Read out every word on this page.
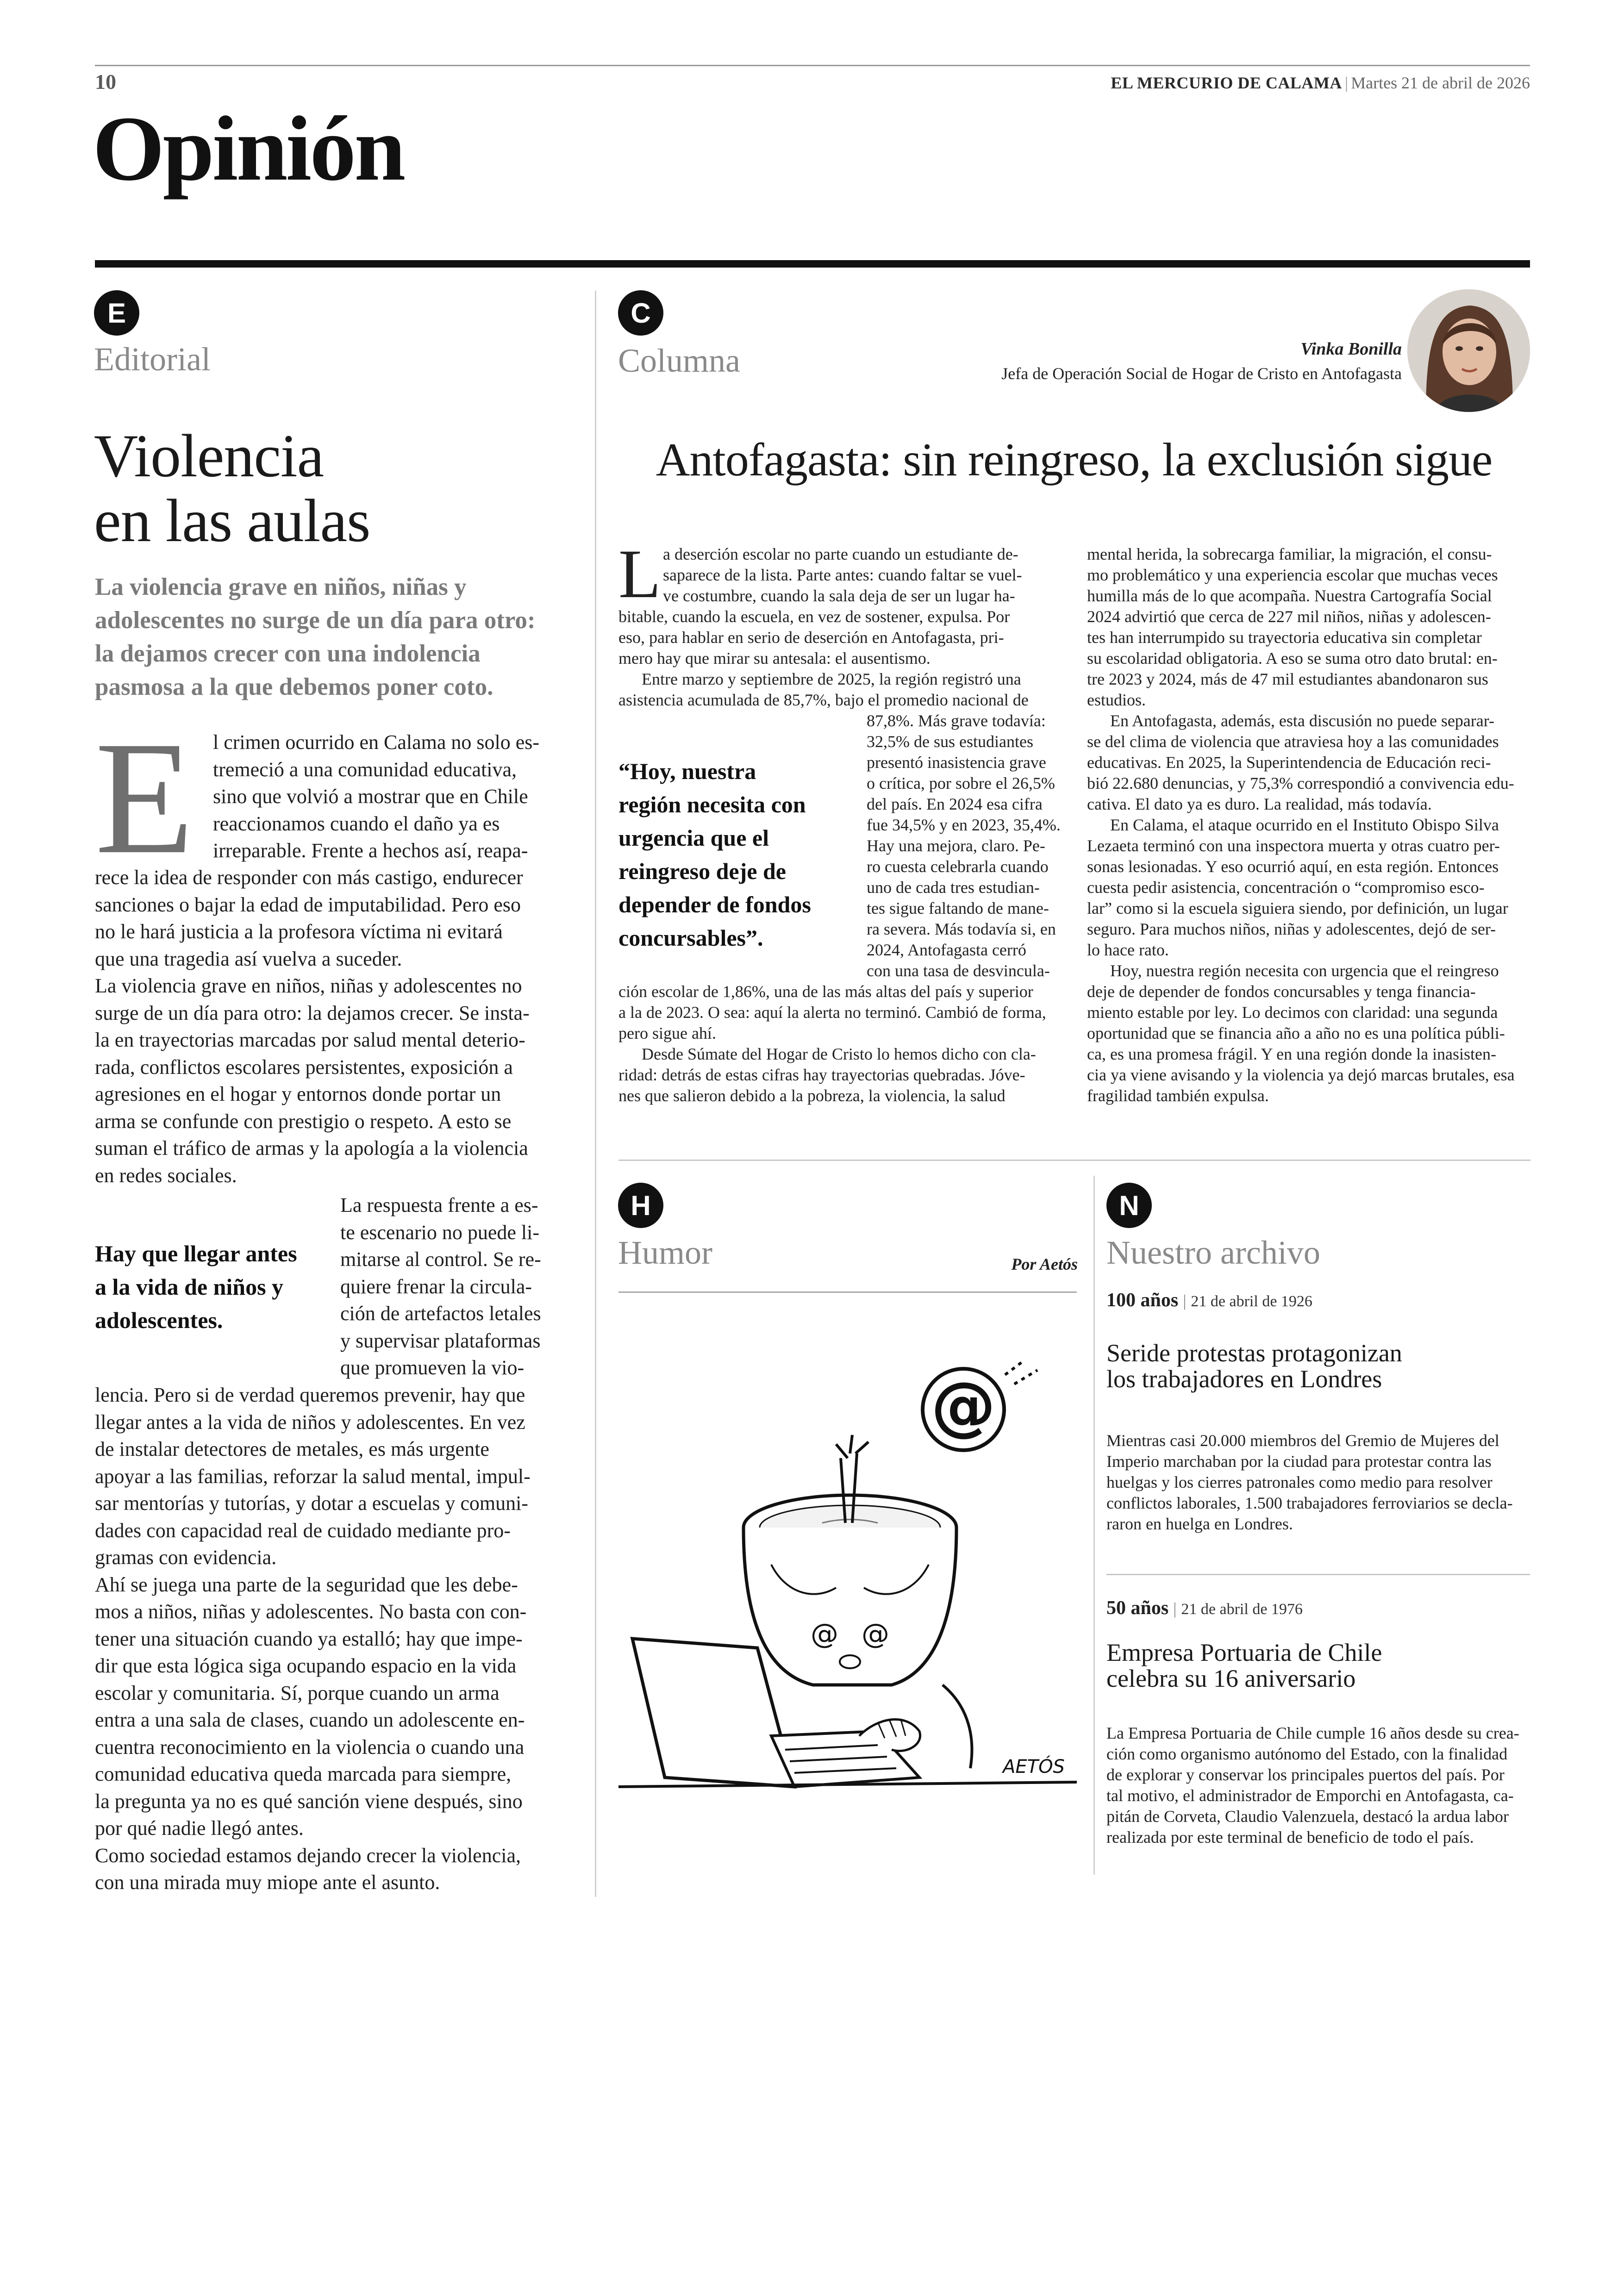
10	EL MERCURIO DE CALAMA | Martes 21 de abril de 2026
Opinión
E
Editorial
Violencia
en las aulas
La violencia grave en niños, niñas y
adolescentes no surge de un día para otro:
la dejamos crecer con una indolencia
pasmosa a la que debemos poner coto.
E l crimen ocurrido en Calama no solo es-
tremeció a una comunidad educativa,
sino que volvió a mostrar que en Chile
reaccionamos cuando el daño ya es
irreparable. Frente a hechos así, reapa-
rece la idea de responder con más castigo, endurecer
sanciones o bajar la edad de imputabilidad. Pero eso
no le hará justicia a la profesora víctima ni evitará
que una tragedia así vuelva a suceder.
La violencia grave en niños, niñas y adolescentes no
surge de un día para otro: la dejamos crecer. Se insta-
la en trayectorias marcadas por salud mental deterio-
rada, conflictos escolares persistentes, exposición a
agresiones en el hogar y entornos donde portar un
arma se confunde con prestigio o respeto. A esto se
suman el tráfico de armas y la apología a la violencia
en redes sociales.
Hay que llegar antes
a la vida de niños y
adolescentes.
La respuesta frente a es-
te escenario no puede li-
mitarse al control. Se re-
quiere frenar la circula-
ción de artefactos letales
y supervisar plataformas
que promueven la vio-
lencia. Pero si de verdad queremos prevenir, hay que
llegar antes a la vida de niños y adolescentes. En vez
de instalar detectores de metales, es más urgente
apoyar a las familias, reforzar la salud mental, impul-
sar mentorías y tutorías, y dotar a escuelas y comuni-
dades con capacidad real de cuidado mediante pro-
gramas con evidencia.
Ahí se juega una parte de la seguridad que les debe-
mos a niños, niñas y adolescentes. No basta con con-
tener una situación cuando ya estalló; hay que impe-
dir que esta lógica siga ocupando espacio en la vida
escolar y comunitaria. Sí, porque cuando un arma
entra a una sala de clases, cuando un adolescente en-
cuentra reconocimiento en la violencia o cuando una
comunidad educativa queda marcada para siempre,
la pregunta ya no es qué sanción viene después, sino
por qué nadie llegó antes.
Como sociedad estamos dejando crecer la violencia,
con una mirada muy miope ante el asunto.
C
Columna	Vinka Bonilla
Jefa de Operación Social de Hogar de Cristo en Antofagasta
Antofagasta: sin reingreso, la exclusión sigue
L a deserción escolar no parte cuando un estudiante de-

saparece de la lista. Parte antes: cuando faltar se vuel-

ve costumbre, cuando la sala deja de ser un lugar ha-

bitable, cuando la escuela, en vez de sostener, expulsa. Por

eso, para hablar en serio de deserción en Antofagasta, pri-

mero hay que mirar su antesala: el ausentismo.

Entre marzo y septiembre de 2025, la región registró una

asistencia acumulada de 85,7%, bajo el promedio nacional de

“Hoy, nuestra
región necesita con
urgencia que el
reingreso deje de
depender de fondos
concursables”.

87,8%. Más grave todavía:

32,5% de sus estudiantes

presentó inasistencia grave

o crítica, por sobre el 26,5%

del país. En 2024 esa cifra

fue 34,5% y en 2023, 35,4%.

Hay una mejora, claro. Pe-

ro cuesta celebrarla cuando

uno de cada tres estudian-

tes sigue faltando de mane-

ra severa. Más todavía si, en

2024, Antofagasta cerró

con una tasa de desvincula-

ción escolar de 1,86%, una de las más altas del país y superior

a la de 2023. O sea: aquí la alerta no terminó. Cambió de forma,

pero sigue ahí.

Desde Súmate del Hogar de Cristo lo hemos dicho con cla-

ridad: detrás de estas cifras hay trayectorias quebradas. Jóve-

nes que salieron debido a la pobreza, la violencia, la salud

mental herida, la sobrecarga familiar, la migración, el consu-

mo problemático y una experiencia escolar que muchas veces

humilla más de lo que acompaña. Nuestra Cartografía Social

2024 advirtió que cerca de 227 mil niños, niñas y adolescen-

tes han interrumpido su trayectoria educativa sin completar

su escolaridad obligatoria. A eso se suma otro dato brutal: en-

tre 2023 y 2024, más de 47 mil estudiantes abandonaron sus

estudios.

En Antofagasta, además, esta discusión no puede separar-

se del clima de violencia que atraviesa hoy a las comunidades

educativas. En 2025, la Superintendencia de Educación reci-

bió 22.680 denuncias, y 75,3% correspondió a convivencia edu-

cativa. El dato ya es duro. La realidad, más todavía.

En Calama, el ataque ocurrido en el Instituto Obispo Silva

Lezaeta terminó con una inspectora muerta y otras cuatro per-

sonas lesionadas. Y eso ocurrió aquí, en esta región. Entonces

cuesta pedir asistencia, concentración o “compromiso esco-

lar” como si la escuela siguiera siendo, por definición, un lugar

seguro. Para muchos niños, niñas y adolescentes, dejó de ser-

lo hace rato.

Hoy, nuestra región necesita con urgencia que el reingreso

deje de depender de fondos concursables y tenga financia-

miento estable por ley. Lo decimos con claridad: una segunda

oportunidad que se financia año a año no es una política públi-

ca, es una promesa frágil. Y en una región donde la inasisten-

cia ya viene avisando y la violencia ya dejó marcas brutales, esa

fragilidad también expulsa.

H
Humor	Por Aetós
@
@ @
AETÓS
N
Nuestro archivo
100 años | 21 de abril de 1926
Seride protestas protagonizan
los trabajadores en Londres

Mientras casi 20.000 miembros del Gremio de Mujeres del

Imperio marchaban por la ciudad para protestar contra las

huelgas y los cierres patronales como medio para resolver

conflictos laborales, 1.500 trabajadores ferroviarios se decla-

raron en huelga en Londres.

50 años | 21 de abril de 1976
Empresa Portuaria de Chile
celebra su 16 aniversario

La Empresa Portuaria de Chile cumple 16 años desde su crea-

ción como organismo autónomo del Estado, con la finalidad

de explorar y conservar los principales puertos del país. Por

tal motivo, el administrador de Emporchi en Antofagasta, ca-

pitán de Corveta, Claudio Valenzuela, destacó la ardua labor

realizada por este terminal de beneficio de todo el país.
